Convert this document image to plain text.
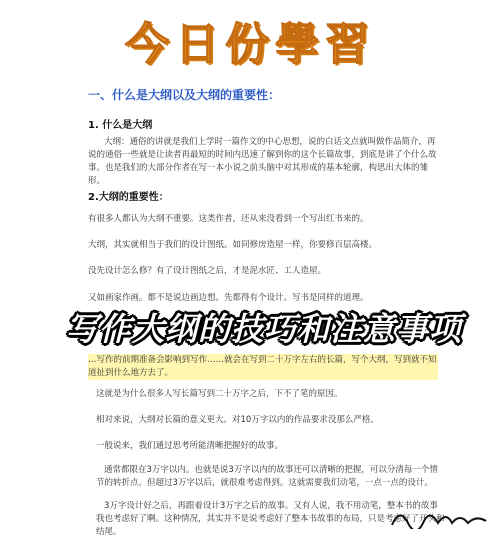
今日份學習
一、什么是大纲以及大纲的重要性：
1. 什么是大纲
大纲：通俗的讲就是我们上学时一篇作文的中心思想，说的白话文点就叫做作品简介，再说的通俗一些就是让读者再最短的时间内迅速了解到你的这个长篇故事，到底是讲了个什么故事。也是我们的大部分作者在写一本小说之前头脑中对其形成的基本轮廓，构思出大体的雏形。
2.大纲的重要性：
有很多人都认为大纲不重要。这类作者，还从来没看到一个写出红书来的。
大纲，其实就相当于我们的设计图纸。如同修房造屋一样，你要修百层高楼。
没先设计怎么修？有了设计图纸之后，才是泥水匠、工人造屋。
又如画家作画。都不是说边画边想。先都得有个设计。写书是同样的道理。
…写作的前期准备会影响到写作……就会在写到二十万字左右的长篇，写个大纲，写到就不知道扯到什么地方去了。
写作大纲的技巧和注意事项
这就是为什么很多人写长篇写到二十万字之后，下不了笔的原因。
相对来说，大纲对长篇的意义更大。对10万字以内的作品要求没那么严格。
一般说来，我们通过思考所能清晰把握好的故事。
通常都限在3万字以内。也就是说3万字以内的故事还可以清晰的把握，可以分清每一个情节的转折点。但超过3万字以后，就很难考虑得到。这就需要我们动笔，一点一点的设计。
3万字设计好之后，再跟着设计3万字之后的故事。又有人说，我不用动笔，整本书的故事我也考虑好了啊。这种情况，其实并不是说考虑好了整本书故事的布局，只是考虑好了开头和结尾。
